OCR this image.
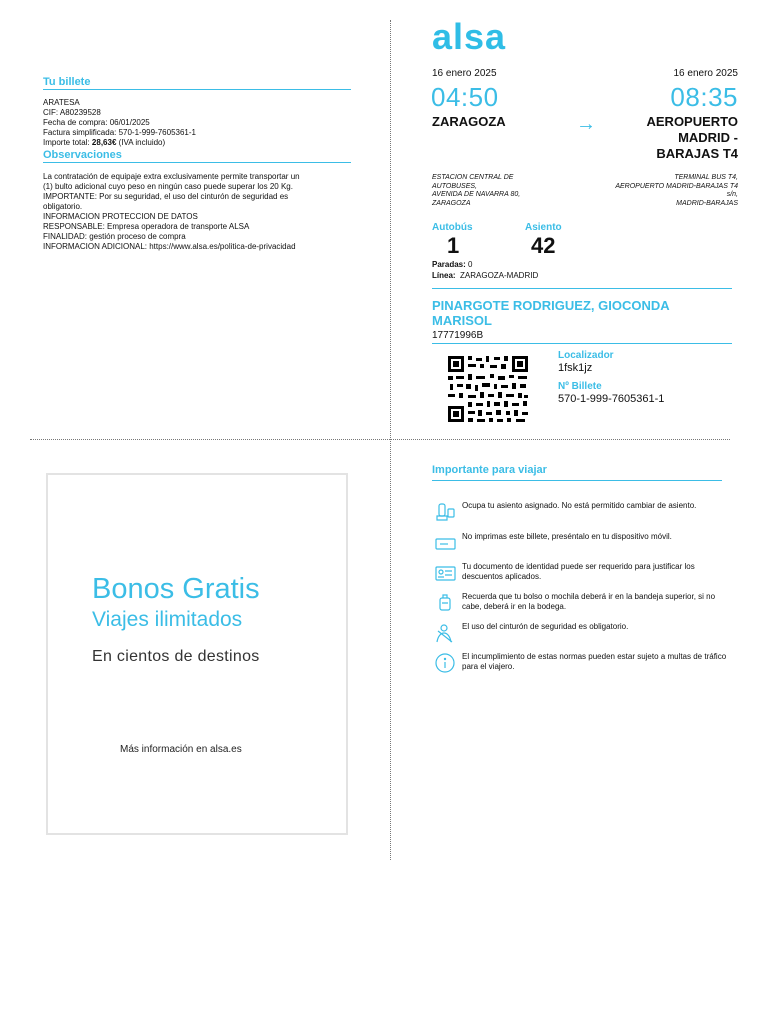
Tu billete
ARATESA
CIF: A80239528
Fecha de compra: 06/01/2025
Factura simplificada: 570-1-999-7605361-1
Importe total: 28,63€ (IVA incluido)
Observaciones
La contratación de equipaje extra exclusivamente permite transportar un
(1) bulto adicional cuyo peso en ningún caso puede superar los 20 Kg.
IMPORTANTE: Por su seguridad, el uso del cinturón de seguridad es
obligatorio.
INFORMACION PROTECCION DE DATOS
RESPONSABLE: Empresa operadora de transporte ALSA
FINALIDAD: gestión proceso de compra
INFORMACION ADICIONAL: https://www.alsa.es/politica-de-privacidad
alsa
16 enero 2025
04:50
ZARAGOZA
ESTACION CENTRAL DE
AUTOBUSES,
AVENIDA DE NAVARRA 80,
ZARAGOZA
→
16 enero 2025
08:35
AEROPUERTO
MADRID -
BARAJAS T4
TERMINAL BUS T4,
AEROPUERTO MADRID-BARAJAS T4
s/n,
MADRID-BARAJAS
Autobús
1
Asiento
42
Paradas: 0
Línea: ZARAGOZA-MADRID
PINARGOTE RODRIGUEZ, GIOCONDA
MARISOL
17771996B
Localizador
1fsk1jz
Nº Billete
570-1-999-7605361-1
Bonos Gratis
Viajes ilimitados
En cientos de destinos
Más información en alsa.es
Importante para viajar
Ocupa tu asiento asignado. No está permitido cambiar de asiento.
No imprimas este billete, preséntalo en tu dispositivo móvil.
Tu documento de identidad puede ser requerido para justificar los descuentos aplicados.
Recuerda que tu bolso o mochila deberá ir en la bandeja superior, si no cabe, deberá ir en la bodega.
El uso del cinturón de seguridad es obligatorio.
El incumplimiento de estas normas pueden estar sujeto a multas de tráfico para el viajero.
